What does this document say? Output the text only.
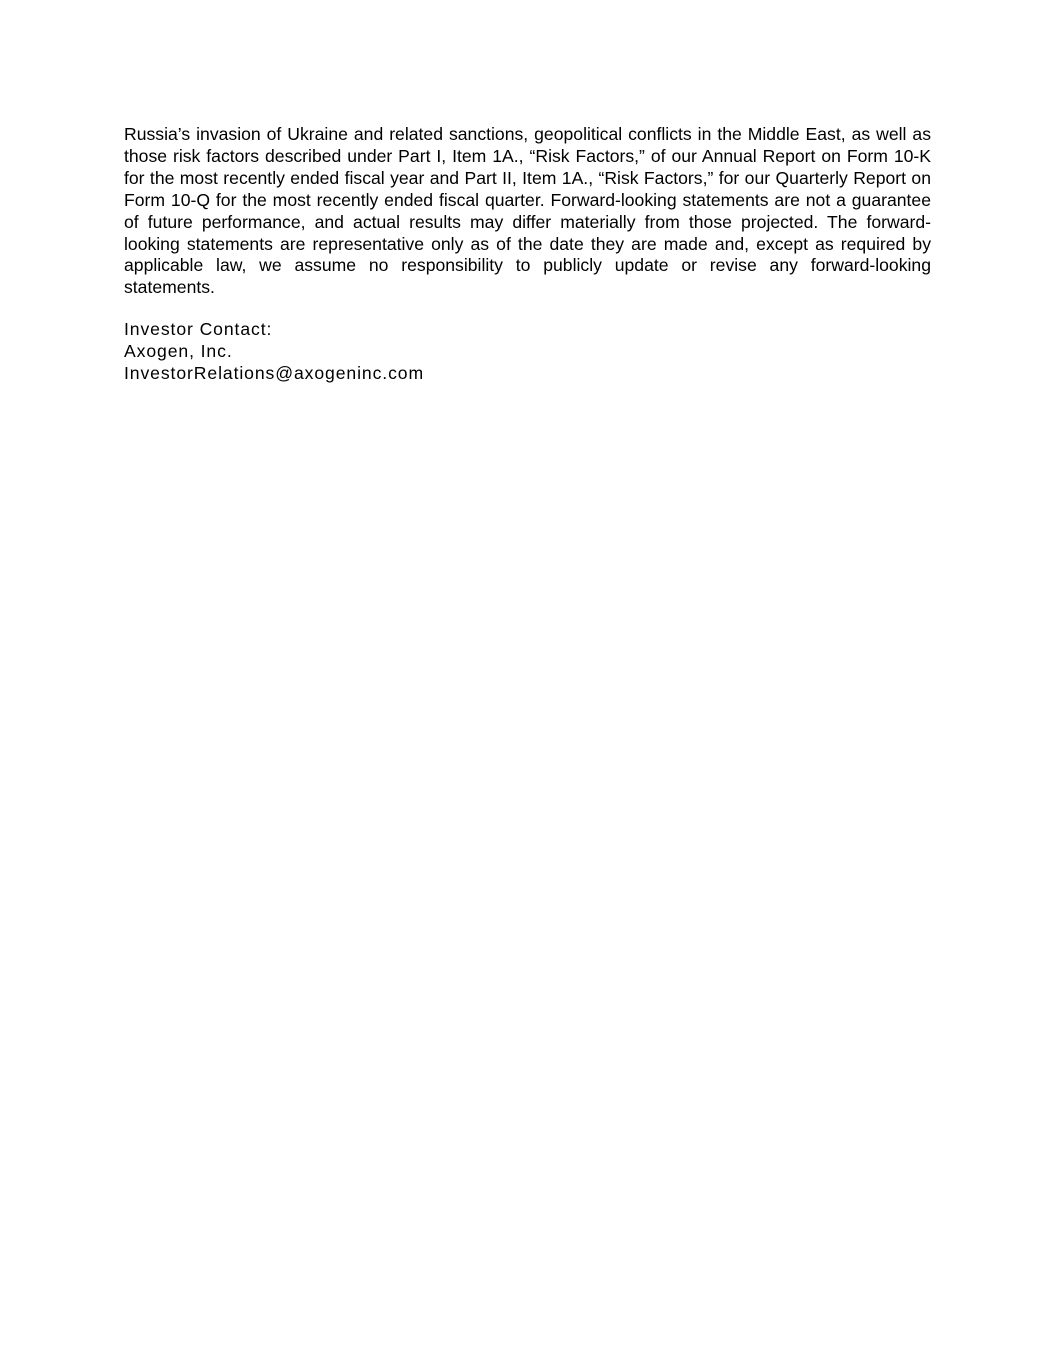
Russia’s invasion of Ukraine and related sanctions, geopolitical conflicts in the Middle East, as well as those risk factors described under Part I, Item 1A., “Risk Factors,” of our Annual Report on Form 10-K for the most recently ended fiscal year and Part II, Item 1A., “Risk Factors,” for our Quarterly Report on Form 10-Q for the most recently ended fiscal quarter. Forward-looking statements are not a guarantee of future performance, and actual results may differ materially from those projected. The forward-looking statements are representative only as of the date they are made and, except as required by applicable law, we assume no responsibility to publicly update or revise any forward-looking statements.

Investor Contact:
Axogen, Inc.
InvestorRelations@axogeninc.com
